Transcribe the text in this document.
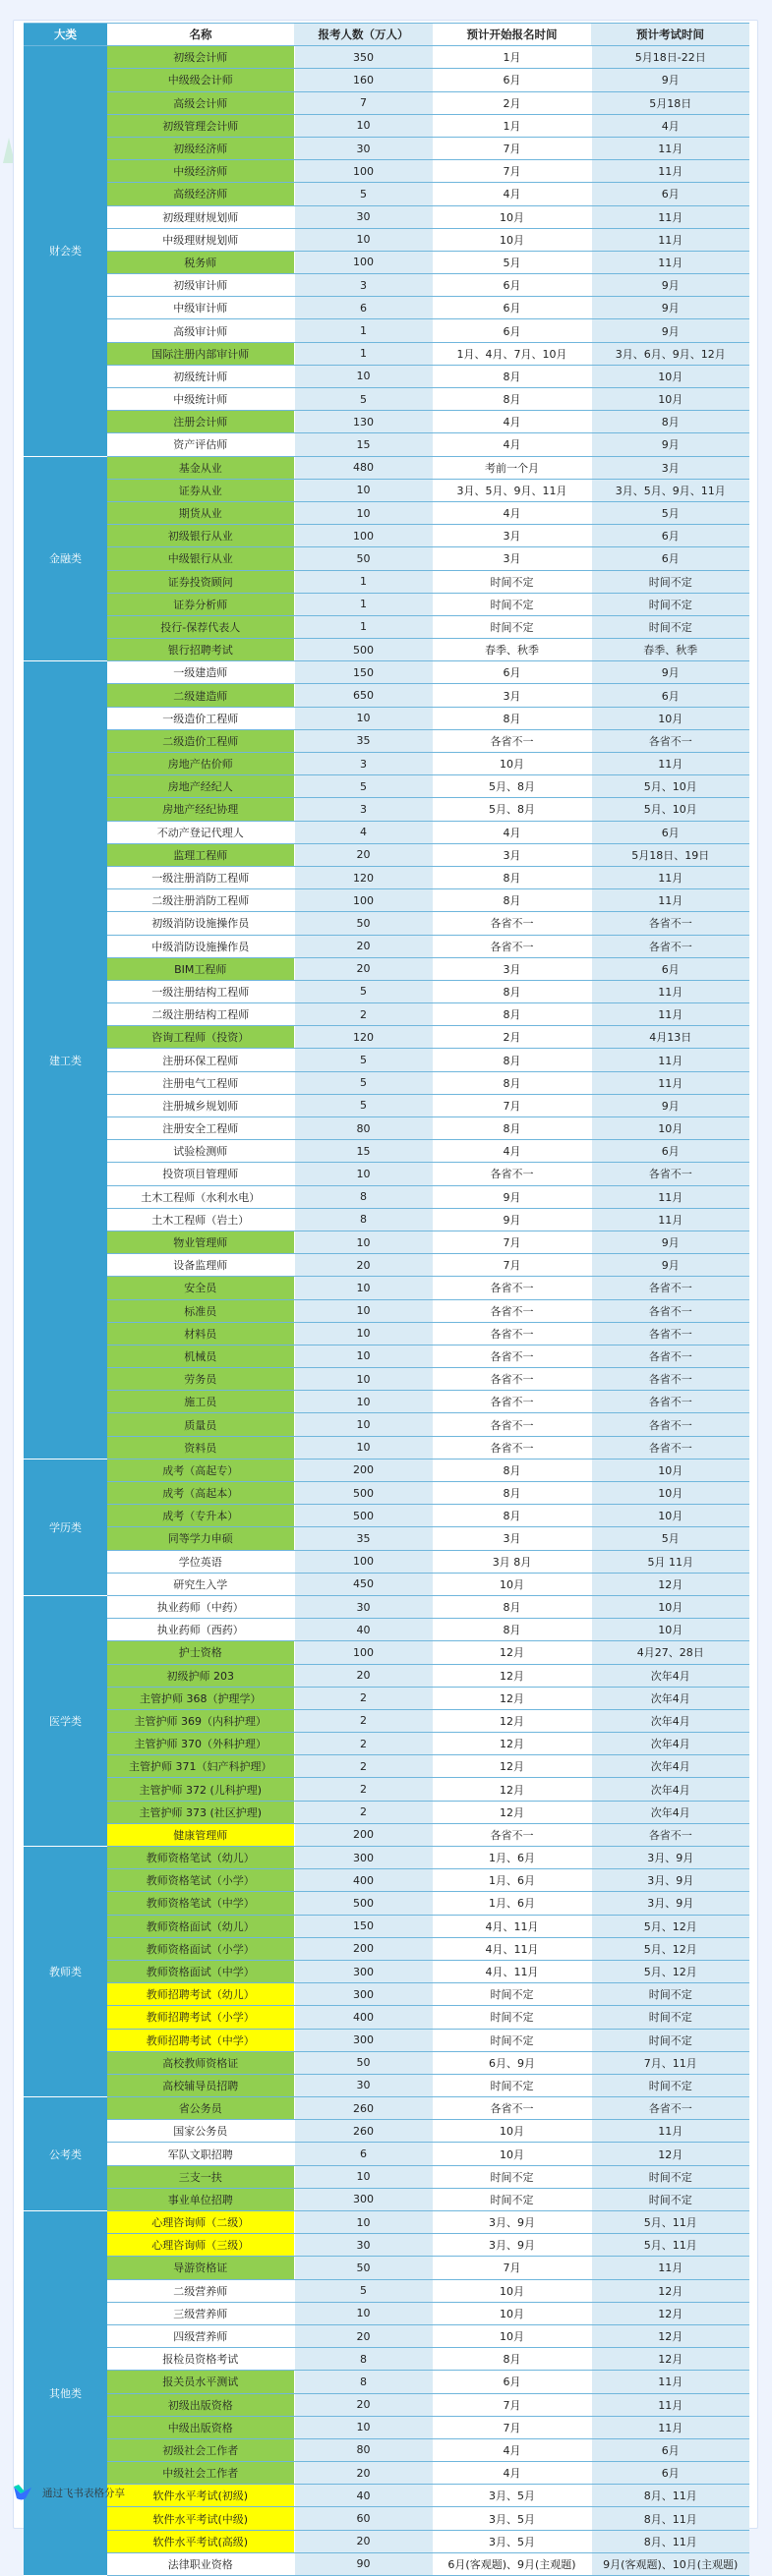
大类	名称	报考人数（万人）	预计开始报名时间	预计考试时间
财会类	初级会计师	350	1月	5月18日-22日
	中级级会计师	160	6月	9月
	高级会计师	7	2月	5月18日
	初级管理会计师	10	1月	4月
	初级经济师	30	7月	11月
	中级经济师	100	7月	11月
	高级经济师	5	4月	6月
	初级理财规划师	30	10月	11月
	中级理财规划师	10	10月	11月
	税务师	100	5月	11月
	初级审计师	3	6月	9月
	中级审计师	6	6月	9月
	高级审计师	1	6月	9月
	国际注册内部审计师	1	1月、4月、7月、10月	3月、6月、9月、12月
	初级统计师	10	8月	10月
	中级统计师	5	8月	10月
	注册会计师	130	4月	8月
	资产评估师	15	4月	9月
金融类	基金从业	480	考前一个月	3月
	证券从业	10	3月、5月、9月、11月	3月、5月、9月、11月
	期货从业	10	4月	5月
	初级银行从业	100	3月	6月
	中级银行从业	50	3月	6月
	证券投资顾问	1	时间不定	时间不定
	证券分析师	1	时间不定	时间不定
	投行-保荐代表人	1	时间不定	时间不定
	银行招聘考试	500	春季、秋季	春季、秋季
建工类	一级建造师	150	6月	9月
	二级建造师	650	3月	6月
	一级造价工程师	10	8月	10月
	二级造价工程师	35	各省不一	各省不一
	房地产估价师	3	10月	11月
	房地产经纪人	5	5月、8月	5月、10月
	房地产经纪协理	3	5月、8月	5月、10月
	不动产登记代理人	4	4月	6月
	监理工程师	20	3月	5月18日、19日
	一级注册消防工程师	120	8月	11月
	二级注册消防工程师	100	8月	11月
	初级消防设施操作员	50	各省不一	各省不一
	中级消防设施操作员	20	各省不一	各省不一
	BIM工程师	20	3月	6月
	一级注册结构工程师	5	8月	11月
	二级注册结构工程师	2	8月	11月
	咨询工程师（投资）	120	2月	4月13日
	注册环保工程师	5	8月	11月
	注册电气工程师	5	8月	11月
	注册城乡规划师	5	7月	9月
	注册安全工程师	80	8月	10月
	试验检测师	15	4月	6月
	投资项目管理师	10	各省不一	各省不一
	土木工程师（水利水电）	8	9月	11月
	土木工程师（岩土）	8	9月	11月
	物业管理师	10	7月	9月
	设备监理师	20	7月	9月
	安全员	10	各省不一	各省不一
	标准员	10	各省不一	各省不一
	材料员	10	各省不一	各省不一
	机械员	10	各省不一	各省不一
	劳务员	10	各省不一	各省不一
	施工员	10	各省不一	各省不一
	质量员	10	各省不一	各省不一
	资料员	10	各省不一	各省不一
学历类	成考（高起专）	200	8月	10月
	成考（高起本）	500	8月	10月
	成考（专升本）	500	8月	10月
	同等学力申硕	35	3月	5月
	学位英语	100	3月 8月	5月 11月
	研究生入学	450	10月	12月
医学类	执业药师（中药）	30	8月	10月
	执业药师（西药）	40	8月	10月
	护士资格	100	12月	4月27、28日
	初级护师 203	20	12月	次年4月
	主管护师 368（护理学）	2	12月	次年4月
	主管护师 369（内科护理）	2	12月	次年4月
	主管护师 370（外科护理）	2	12月	次年4月
	主管护师 371（妇产科护理）	2	12月	次年4月
	主管护师 372 (儿科护理)	2	12月	次年4月
	主管护师 373 (社区护理)	2	12月	次年4月
	健康管理师	200	各省不一	各省不一
教师类	教师资格笔试（幼儿）	300	1月、6月	3月、9月
	教师资格笔试（小学）	400	1月、6月	3月、9月
	教师资格笔试（中学）	500	1月、6月	3月、9月
	教师资格面试（幼儿）	150	4月、11月	5月、12月
	教师资格面试（小学）	200	4月、11月	5月、12月
	教师资格面试（中学）	300	4月、11月	5月、12月
	教师招聘考试（幼儿）	300	时间不定	时间不定
	教师招聘考试（小学）	400	时间不定	时间不定
	教师招聘考试（中学）	300	时间不定	时间不定
	高校教师资格证	50	6月、9月	7月、11月
	高校辅导员招聘	30	时间不定	时间不定
公考类	省公务员	260	各省不一	各省不一
	国家公务员	260	10月	11月
	军队文职招聘	6	10月	12月
	三支一扶	10	时间不定	时间不定
	事业单位招聘	300	时间不定	时间不定
其他类	心理咨询师（二级）	10	3月、9月	5月、11月
	心理咨询师（三级）	30	3月、9月	5月、11月
	导游资格证	50	7月	11月
	二级营养师	5	10月	12月
	三级营养师	10	10月	12月
	四级营养师	20	10月	12月
	报检员资格考试	8	8月	12月
	报关员水平测试	8	6月	11月
	初级出版资格	20	7月	11月
	中级出版资格	10	7月	11月
	初级社会工作者	80	4月	6月
	中级社会工作者	20	4月	6月
	软件水平考试(初级)	40	3月、5月	8月、11月
	软件水平考试(中级)	60	3月、5月	8月、11月
	软件水平考试(高级)	20	3月、5月	8月、11月
	法律职业资格	90	6月(客观题)、9月(主观题)	9月(客观题)、10月(主观题)
通过飞书表格分享
